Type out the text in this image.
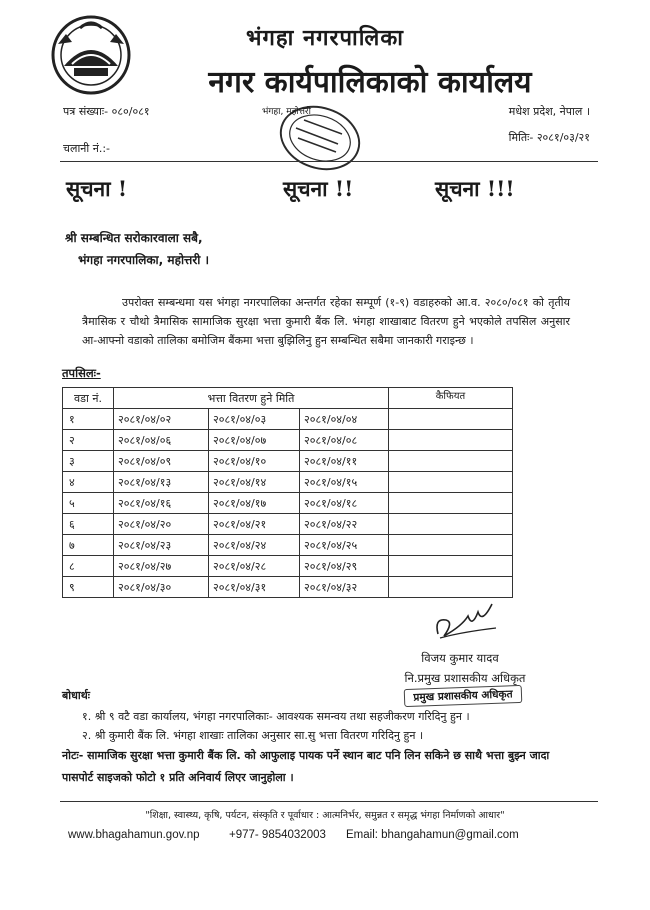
भंगहा नगरपालिका
नगर कार्यपालिकाको कार्यालय
पत्र संख्याः- ०८०/०८१
चलानी नं.:-
मधेश प्रदेश, नेपाल ।
मितिः- २०८१/०३/२१
भंगहा, महोत्तरी
सूचना !	सूचना !!	सूचना !!!
श्री सम्बन्धित सरोकारवाला सबै,
भंगहा नगरपालिका, महोत्तरी ।
उपरोक्त सम्बन्धमा यस भंगहा नगरपालिका अन्तर्गत रहेका सम्पूर्ण (१-९) वडाहरुको आ.व. २०८०/०८१ को तृतीय त्रैमासिक र चौथो त्रैमासिक सामाजिक सुरक्षा भत्ता कुमारी बैंक लि. भंगहा शाखाबाट वितरण हुने भएकोले तपसिल अनुसार आ-आफ्नो वडाको तालिका बमोजिम बैंकमा भत्ता बुझिलिनु हुन सम्बन्धित सबैमा जानकारी गराइन्छ ।
तपसिलः-
वडा नं.	भत्ता वितरण हुने मिति			कैफियत
१	२०८१/०४/०२	२०८१/०४/०३	२०८१/०४/०४	
२	२०८१/०४/०६	२०८१/०४/०७	२०८१/०४/०८	
३	२०८१/०४/०९	२०८१/०४/१०	२०८१/०४/११	
४	२०८१/०४/१३	२०८१/०४/१४	२०८१/०४/१५	
५	२०८१/०४/१६	२०८१/०४/१७	२०८१/०४/१८	
६	२०८१/०४/२०	२०८१/०४/२१	२०८१/०४/२२	
७	२०८१/०४/२३	२०८१/०४/२४	२०८१/०४/२५	
८	२०८१/०४/२७	२०८१/०४/२८	२०८१/०४/२९	
९	२०८१/०४/३०	२०८१/०४/३१	२०८१/०४/३२	
विजय कुमार यादव
नि.प्रमुख प्रशासकीय अधिकृत
प्रमुख प्रशासकीय अधिकृत
बोधार्थः
१. श्री ९ वटै वडा कार्यालय, भंगहा नगरपालिकाः- आवश्यक समन्वय तथा सहजीकरण गरिदिनु हुन ।
२. श्री कुमारी बैंक लि. भंगहा शाखाः तालिका अनुसार सा.सु भत्ता वितरण गरिदिनु हुन ।
नोटः- सामाजिक सुरक्षा भत्ता कुमारी बैंक लि. को आफुलाइ पायक पर्ने स्थान बाट पनि लिन सकिने छ साथै भत्ता बुझ्न जादा पासपोर्ट साइजको फोटो १ प्रति अनिवार्य लिएर जानुहोला ।
"शिक्षा, स्वास्थ्य, कृषि, पर्यटन, संस्कृति र पूर्वाधार : आत्मनिर्भर, समुन्नत र समृद्ध भंगहा निर्माणको आधार"
www.bhagahamun.gov.np	+977- 9854032003 Email: bhangahamun@gmail.com
